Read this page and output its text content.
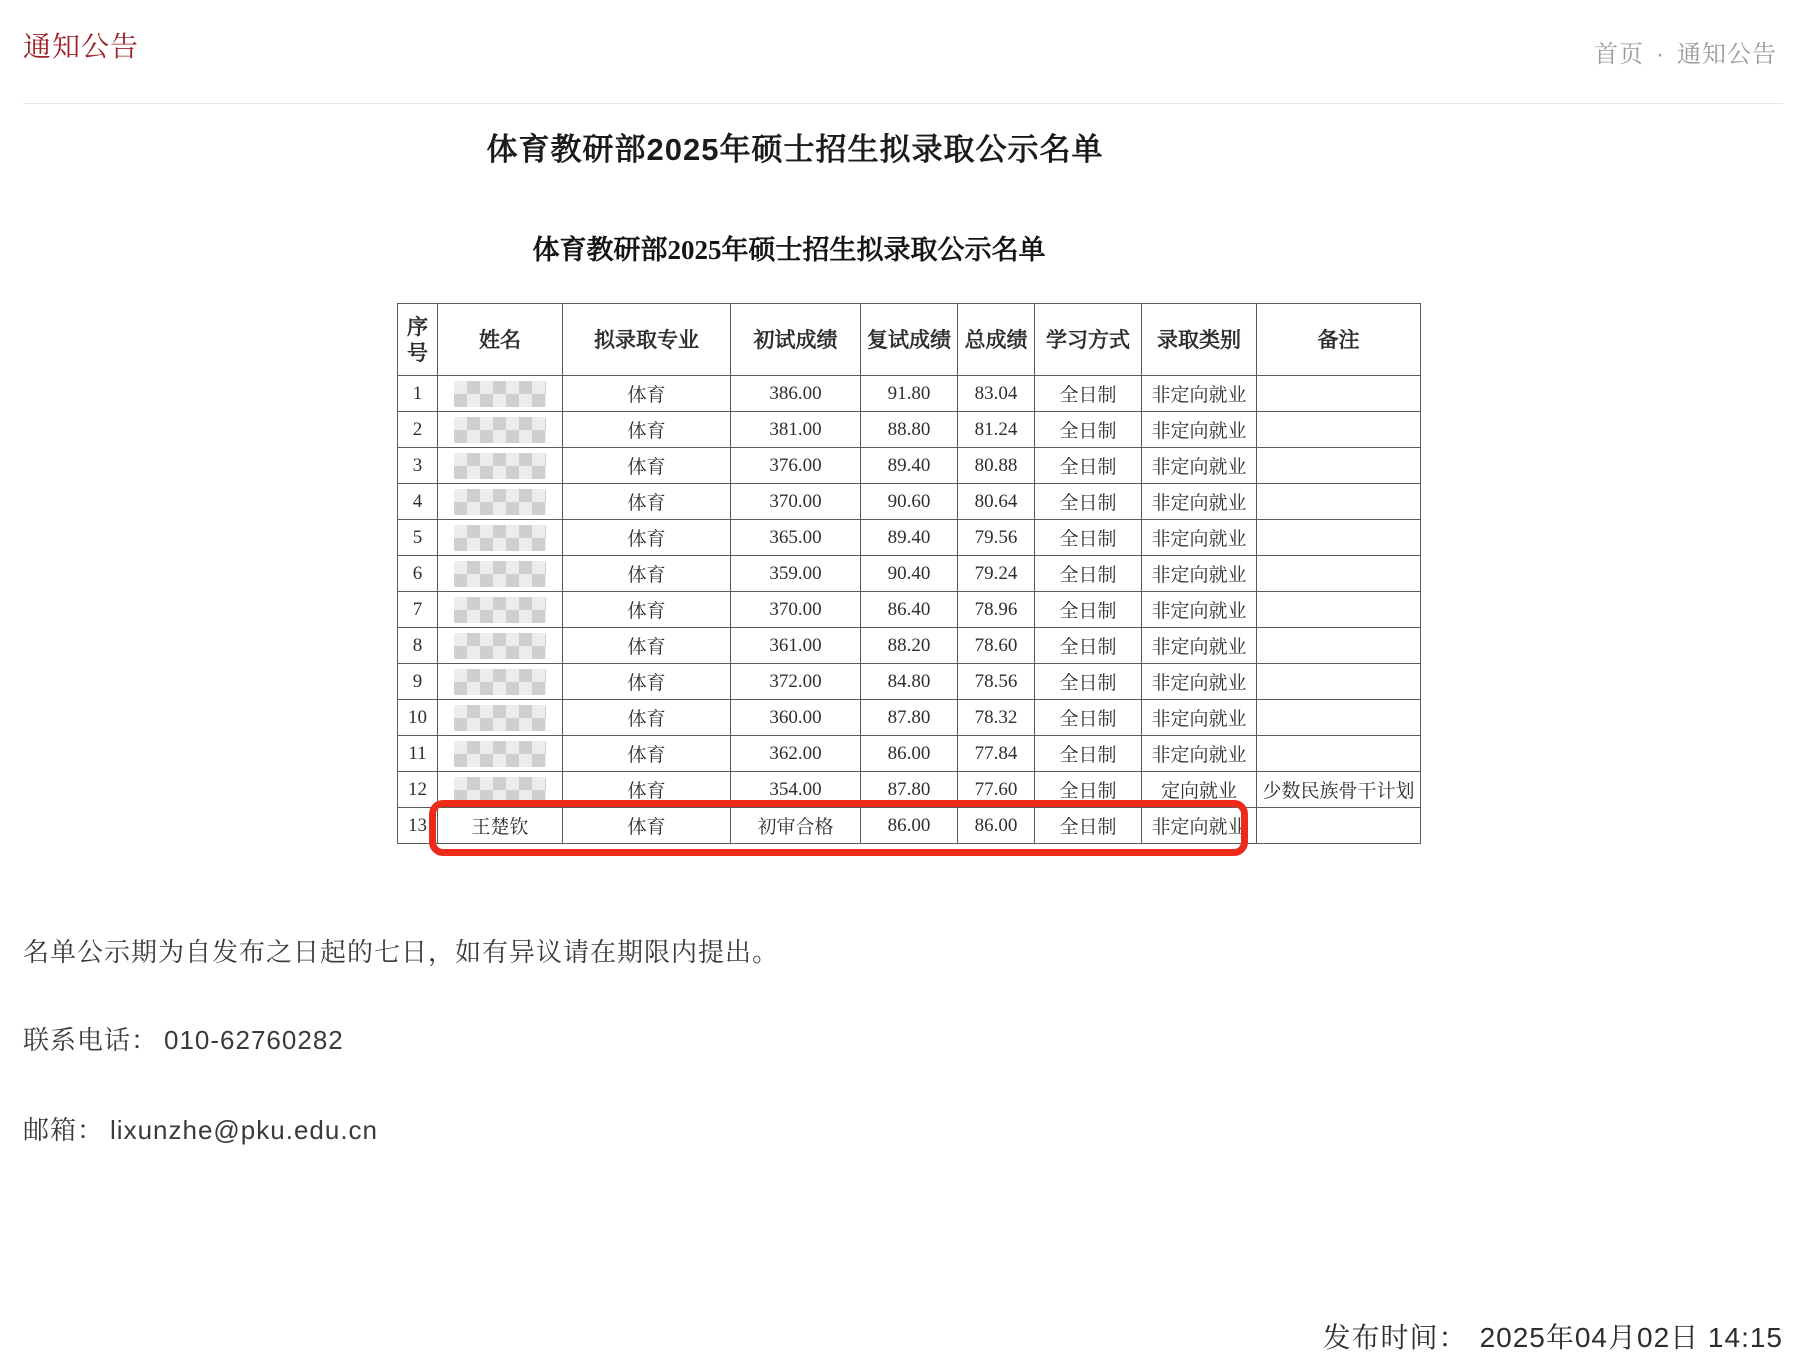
通知公告	首页 · 通知公告
体育教研部2025年硕士招生拟录取公示名单
体育教研部2025年硕士招生拟录取公示名单
序号	姓名	拟录取专业	初试成绩	复试成绩	总成绩	学习方式	录取类别	备注
1		体育	386.00	91.80	83.04	全日制	非定向就业	
2		体育	381.00	88.80	81.24	全日制	非定向就业	
3		体育	376.00	89.40	80.88	全日制	非定向就业	
4		体育	370.00	90.60	80.64	全日制	非定向就业	
5		体育	365.00	89.40	79.56	全日制	非定向就业	
6		体育	359.00	90.40	79.24	全日制	非定向就业	
7		体育	370.00	86.40	78.96	全日制	非定向就业	
8		体育	361.00	88.20	78.60	全日制	非定向就业	
9		体育	372.00	84.80	78.56	全日制	非定向就业	
10		体育	360.00	87.80	78.32	全日制	非定向就业	
11		体育	362.00	86.00	77.84	全日制	非定向就业	
12		体育	354.00	87.80	77.60	全日制	定向就业	少数民族骨干计划
13	王楚钦	体育	初审合格	86.00	86.00	全日制	非定向就业	
名单公示期为自发布之日起的七日，如有异议请在期限内提出。
联系电话： 010-62760282
邮箱： lixunzhe@pku.edu.cn
发布时间： 2025年04月02日 14:15
